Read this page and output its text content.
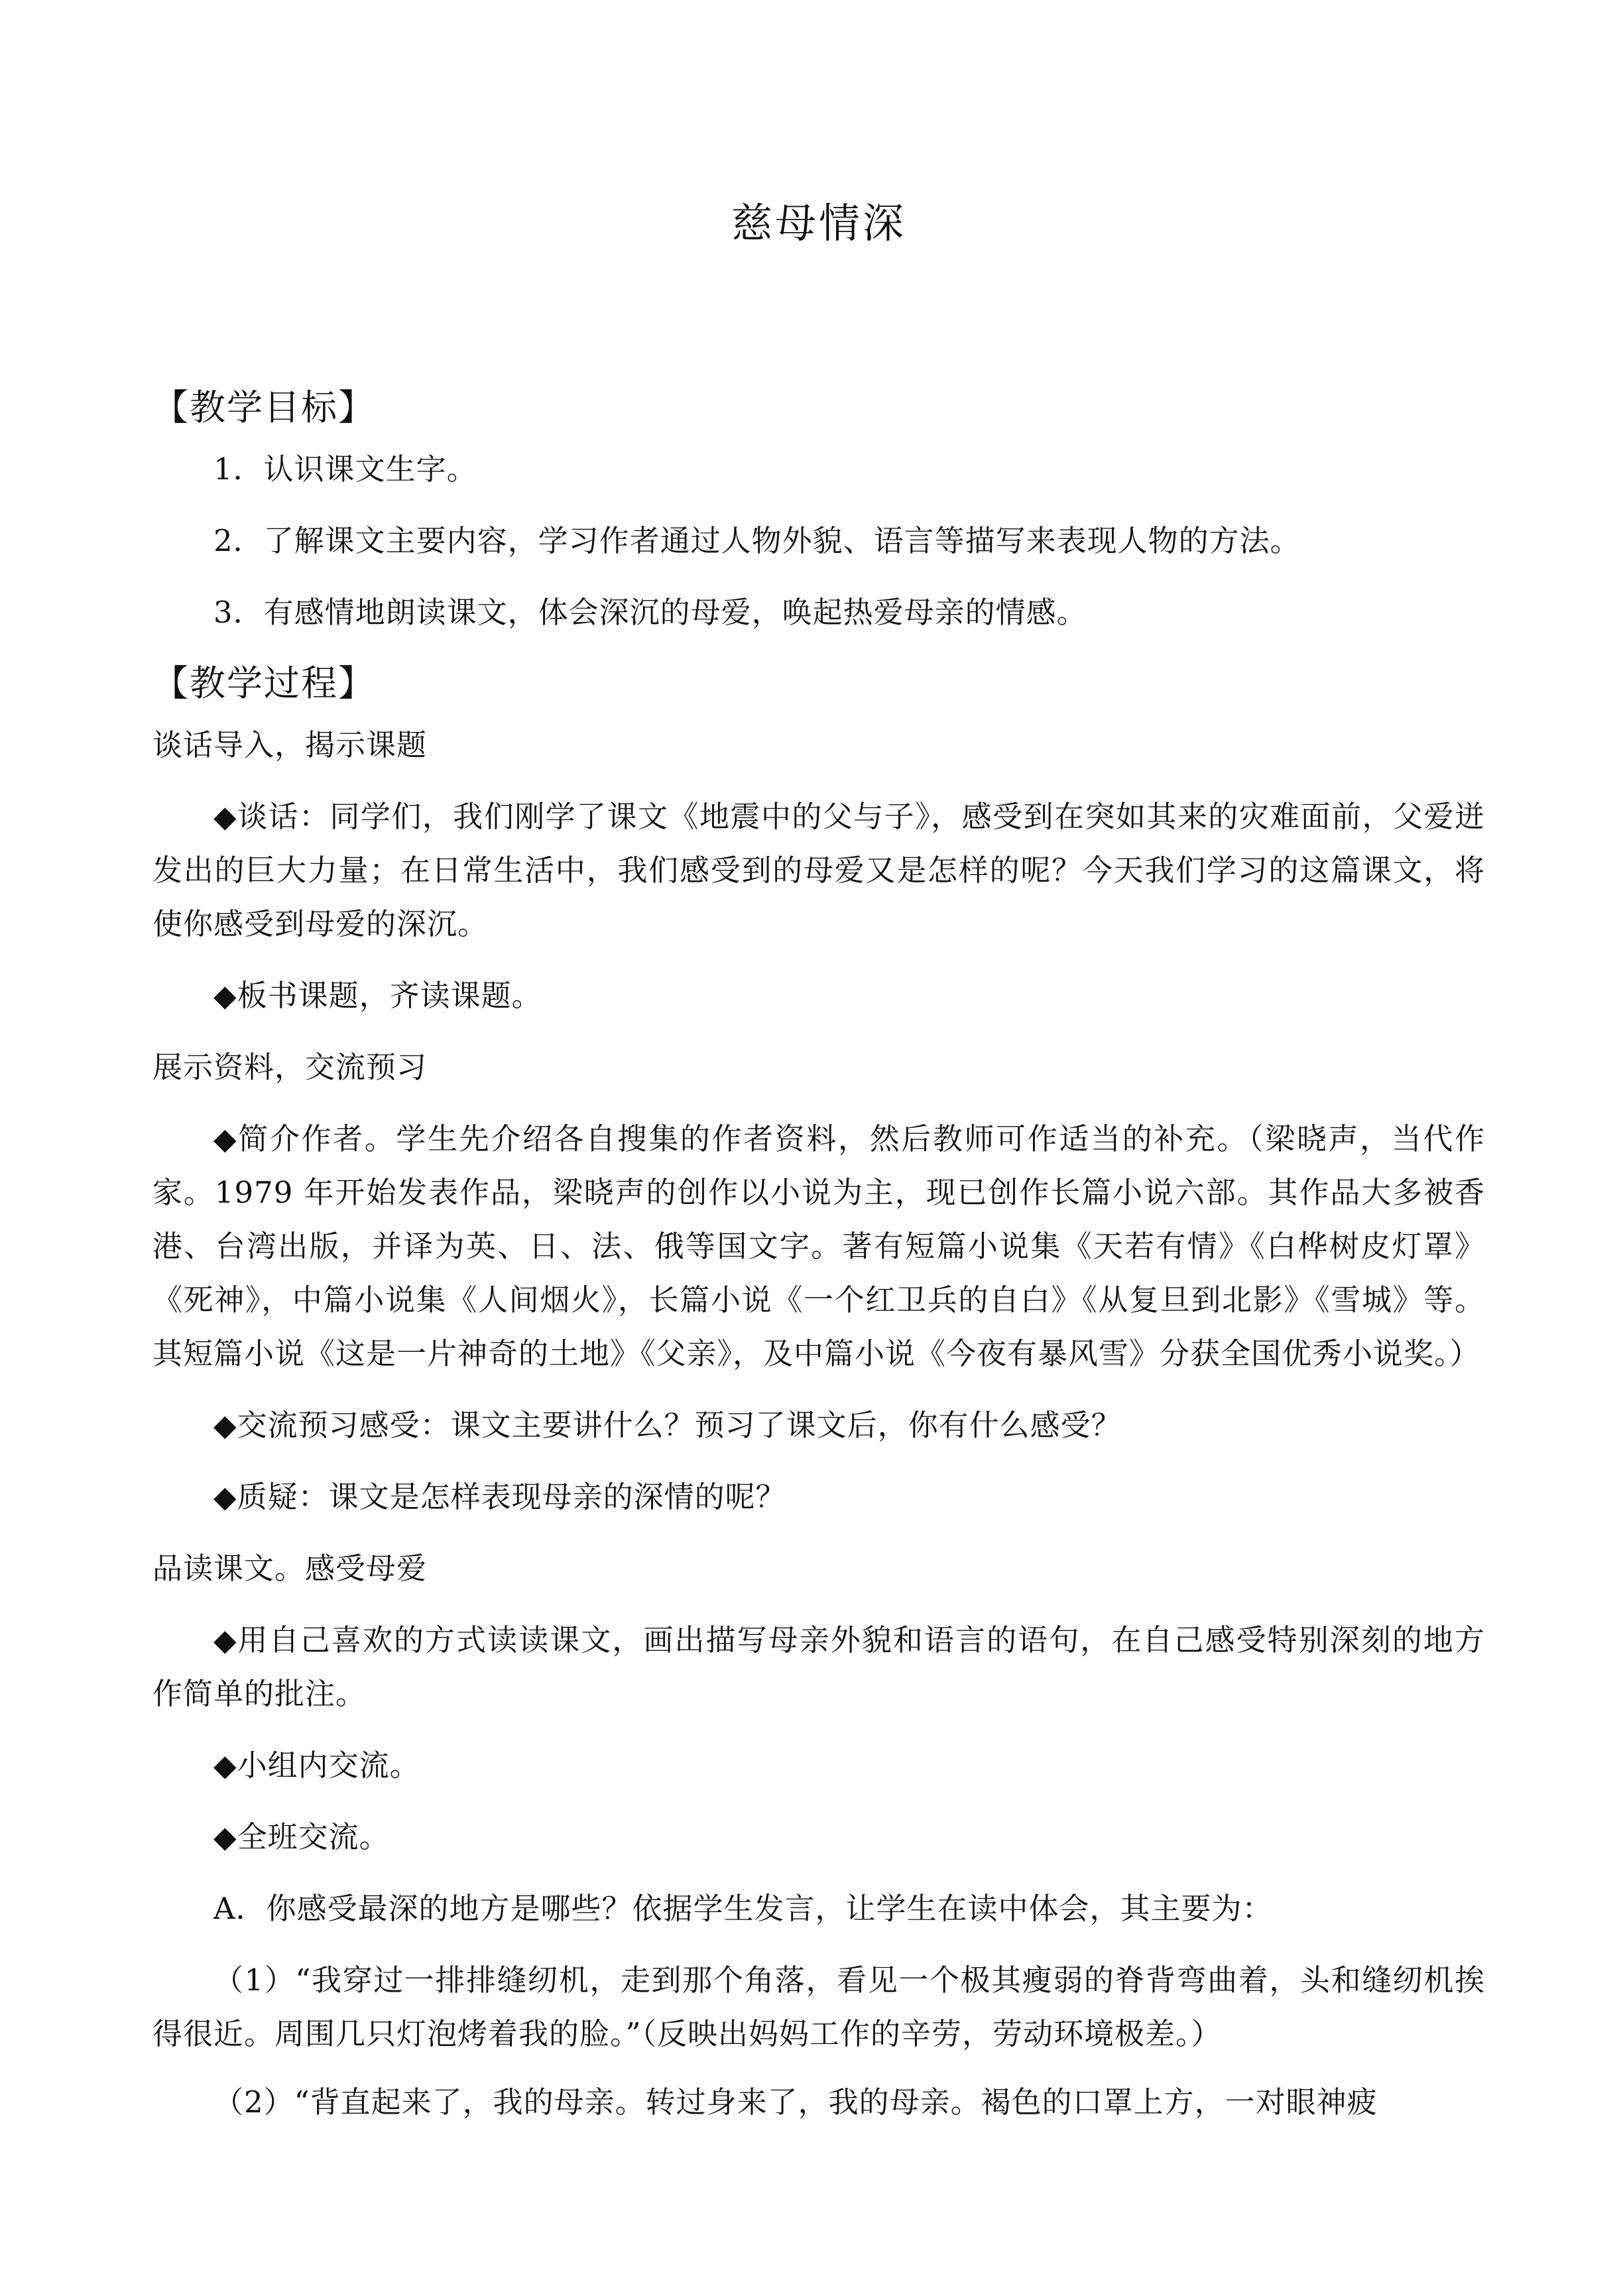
慈母情深
【教学目标】
1．认识课文生字。
2．了解课文主要内容，学习作者通过人物外貌、语言等描写来表现人物的方法。
3．有感情地朗读课文，体会深沉的母爱，唤起热爱母亲的情感。
【教学过程】
谈话导入，揭示课题
◆谈话：同学们，我们刚学了课文《地震中的父与子》，感受到在突如其来的灾难面前，父爱迸发出的巨大力量；在日常生活中，我们感受到的母爱又是怎样的呢？今天我们学习的这篇课文，将使你感受到母爱的深沉。
◆板书课题，齐读课题。
展示资料，交流预习
◆简介作者。学生先介绍各自搜集的作者资料，然后教师可作适当的补充。（梁晓声，当代作家。1979 年开始发表作品，梁晓声的创作以小说为主，现已创作长篇小说六部。其作品大多被香港、台湾出版，并译为英、日、法、俄等国文字。著有短篇小说集《天若有情》《白桦树皮灯罩》《死神》，中篇小说集《人间烟火》，长篇小说《一个红卫兵的自白》《从复旦到北影》《雪城》等。其短篇小说《这是一片神奇的土地》《父亲》，及中篇小说《今夜有暴风雪》分获全国优秀小说奖。）
◆交流预习感受：课文主要讲什么？预习了课文后，你有什么感受？
◆质疑：课文是怎样表现母亲的深情的呢？
品读课文。感受母爱
◆用自己喜欢的方式读读课文，画出描写母亲外貌和语言的语句，在自己感受特别深刻的地方作简单的批注。
◆小组内交流。
◆全班交流。
A．你感受最深的地方是哪些？依据学生发言，让学生在读中体会，其主要为：
（1）“我穿过一排排缝纫机，走到那个角落，看见一个极其瘦弱的脊背弯曲着，头和缝纫机挨得很近。周围几只灯泡烤着我的脸。”（反映出妈妈工作的辛劳，劳动环境极差。）
（2）“背直起来了，我的母亲。转过身来了，我的母亲。褐色的口罩上方，一对眼神疲
